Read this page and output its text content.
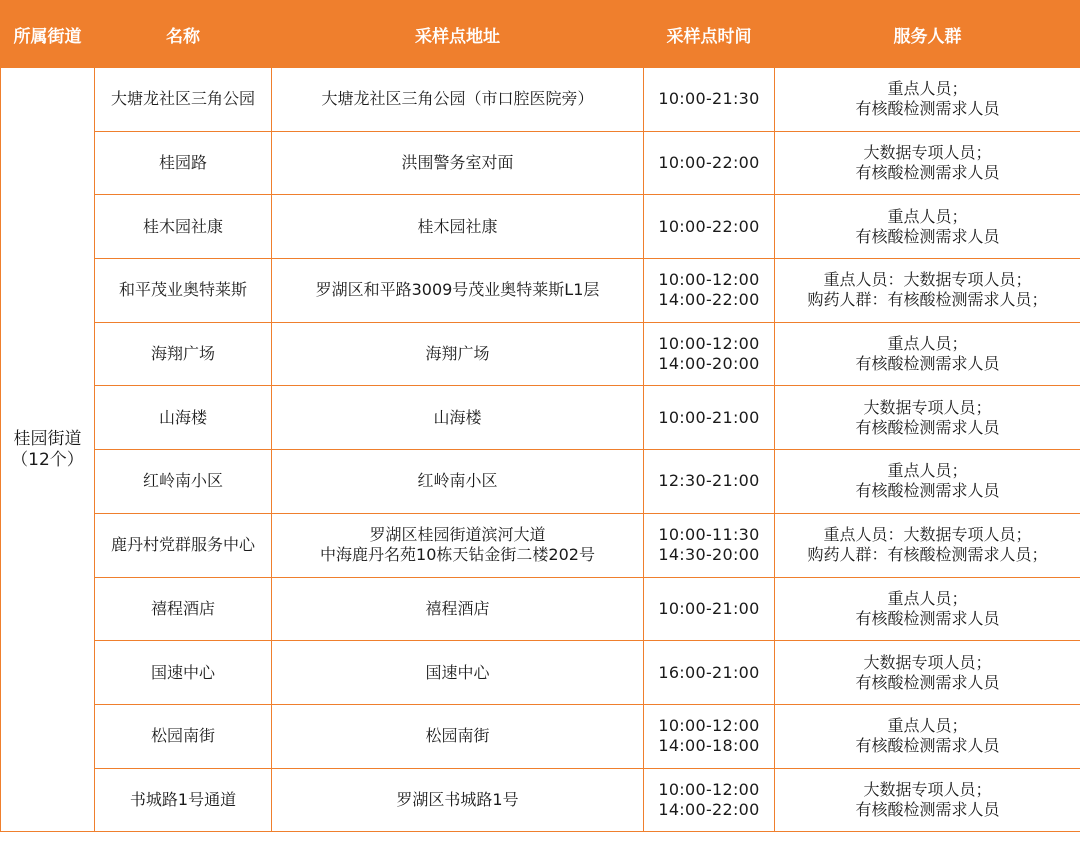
所属街道	名称	采样点地址	采样点时间	服务人群

桂园街道
（12个）	大塘龙社区三角公园	大塘龙社区三角公园（市口腔医院旁）	10:00-21:30	重点人员；
有核酸检测需求人员

	桂园路	洪围警务室对面	10:00-22:00	大数据专项人员；
有核酸检测需求人员

	桂木园社康	桂木园社康	10:00-22:00	重点人员；
有核酸检测需求人员

	和平茂业奥特莱斯	罗湖区和平路3009号茂业奥特莱斯L1层	10:00-12:00
14:00-22:00	重点人员：大数据专项人员；
购药人群：有核酸检测需求人员；

	海翔广场	海翔广场	10:00-12:00
14:00-20:00	重点人员；
有核酸检测需求人员

	山海楼	山海楼	10:00-21:00	大数据专项人员；
有核酸检测需求人员

	红岭南小区	红岭南小区	12:30-21:00	重点人员；
有核酸检测需求人员

	鹿丹村党群服务中心	罗湖区桂园街道滨河大道
中海鹿丹名苑10栋天钻金街二楼202号	10:00-11:30
14:30-20:00	重点人员：大数据专项人员；
购药人群：有核酸检测需求人员；

	禧程酒店	禧程酒店	10:00-21:00	重点人员；
有核酸检测需求人员

	国速中心	国速中心	16:00-21:00	大数据专项人员；
有核酸检测需求人员

	松园南街	松园南街	10:00-12:00
14:00-18:00	重点人员；
有核酸检测需求人员

	书城路1号通道	罗湖区书城路1号	10:00-12:00
14:00-22:00	大数据专项人员；
有核酸检测需求人员
